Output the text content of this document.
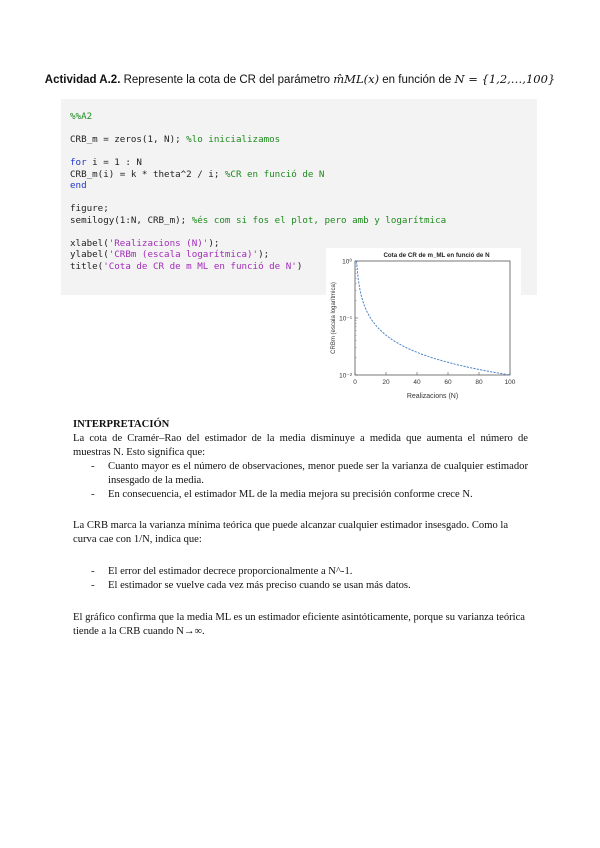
Actividad A.2. Represente la cota de CR del parámetro m̂ML(x) en función de N = {1,2,…,100}
%%A2
CRB_m = zeros(1, N); %lo inicializamos
for i = 1 : N
CRB_m(i) = k * theta^2 / i; %CR en funció de N
end
figure;
semilogy(1:N, CRB_m); %és com si fos el plot, pero amb y logarítmica
xlabel('Realizacions (N)');
ylabel('CRBm (escala logarítmica)');
title('Cota de CR de m ML en funció de N')
0	20	40	60	80	100
10⁻²
10⁻¹
10⁰
Cota de CR de m_ML en funció de N
Realizacions (N)
CRBm (escala logarítmica)

INTERPRETACIÓN

La cota de Cramér–Rao del estimador de la media disminuye a medida que aumenta el número de muestras N. Esto significa que:

- Cuanto mayor es el número de observaciones, menor puede ser la varianza de cualquier estimador insesgado de la media.
- En consecuencia, el estimador ML de la media mejora su precisión conforme crece N.

La CRB marca la varianza mínima teórica que puede alcanzar cualquier estimador insesgado. Como la curva cae con 1/N, indica que:

- El error del estimador decrece proporcionalmente a N^-1.
- El estimador se vuelve cada vez más preciso cuando se usan más datos.

El gráfico confirma que la media ML es un estimador eficiente asintóticamente, porque su varianza teórica tiende a la CRB cuando N→∞.
